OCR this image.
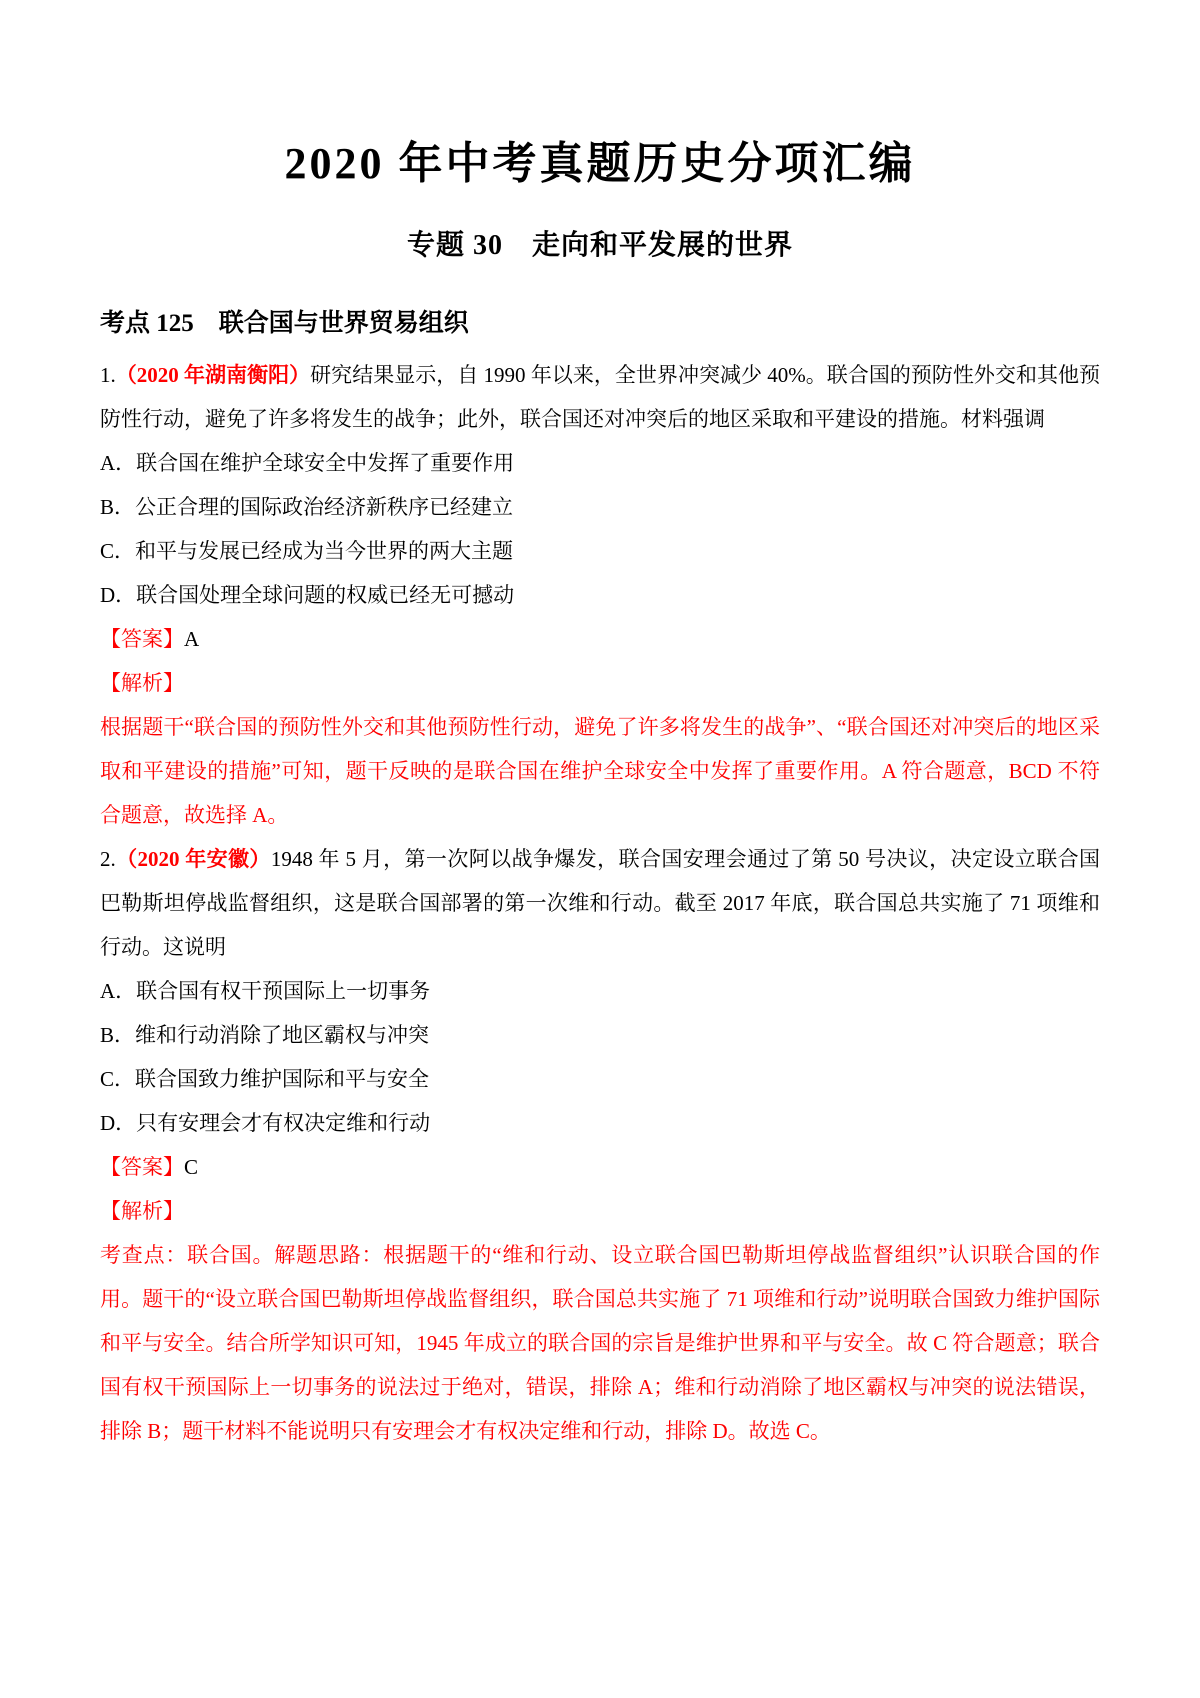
2020 年中考真题历史分项汇编
专题 30　走向和平发展的世界
考点 125　联合国与世界贸易组织

1.（2020 年湖南衡阳）研究结果显示，自 1990 年以来，全世界冲突减少 40%。联合国的预防性外交和其他预防性行动，避免了许多将发生的战争；此外，联合国还对冲突后的地区采取和平建设的措施。材料强调

A．联合国在维护全球安全中发挥了重要作用

B．公正合理的国际政治经济新秩序已经建立

C．和平与发展已经成为当今世界的两大主题

D．联合国处理全球问题的权威已经无可撼动

【答案】A

【解析】

根据题干“联合国的预防性外交和其他预防性行动，避免了许多将发生的战争”、“联合国还对冲突后的地区采取和平建设的措施”可知，题干反映的是联合国在维护全球安全中发挥了重要作用。A 符合题意，BCD 不符合题意，故选择 A。

2.（2020 年安徽）1948 年 5 月，第一次阿以战争爆发，联合国安理会通过了第 50 号决议，决定设立联合国巴勒斯坦停战监督组织，这是联合国部署的第一次维和行动。截至 2017 年底，联合国总共实施了 71 项维和行动。这说明

A．联合国有权干预国际上一切事务

B．维和行动消除了地区霸权与冲突

C．联合国致力维护国际和平与安全

D．只有安理会才有权决定维和行动

【答案】C

【解析】

考查点：联合国。解题思路：根据题干的“维和行动、设立联合国巴勒斯坦停战监督组织”认识联合国的作用。题干的“设立联合国巴勒斯坦停战监督组织，联合国总共实施了 71 项维和行动”说明联合国致力维护国际和平与安全。结合所学知识可知，1945 年成立的联合国的宗旨是维护世界和平与安全。故 C 符合题意；联合国有权干预国际上一切事务的说法过于绝对，错误，排除 A；维和行动消除了地区霸权与冲突的说法错误，排除 B；题干材料不能说明只有安理会才有权决定维和行动，排除 D。故选 C。
